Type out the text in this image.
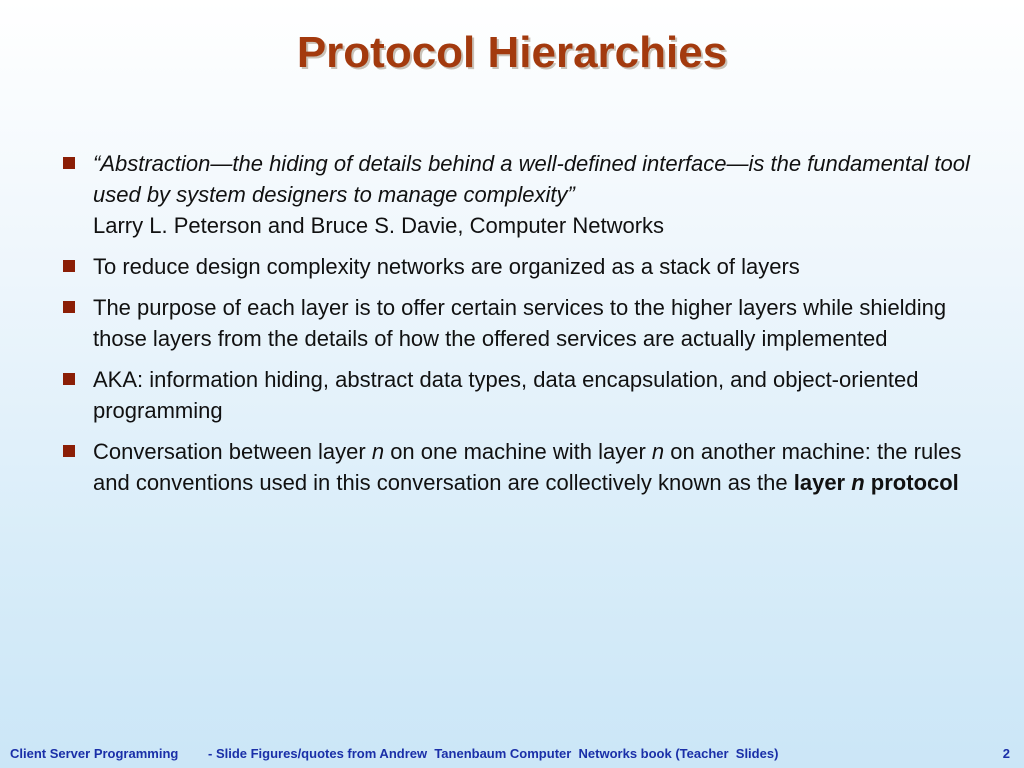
Protocol Hierarchies
“Abstraction—the hiding of details behind a well-defined interface—is the fundamental tool used by system designers to manage complexity”
Larry L. Peterson and Bruce S. Davie, Computer Networks
To reduce design complexity networks are organized as a stack of layers
The purpose of each layer is to offer certain services to the higher layers while shielding those layers from the details of how the offered services are actually implemented
AKA: information hiding, abstract data types, data encapsulation, and object-oriented programming
Conversation between layer n on one machine with layer n on another machine: the rules and conventions used in this conversation are collectively known as the layer n protocol
Client Server Programming - Slide Figures/quotes from Andrew  Tanenbaum Computer  Networks book (Teacher  Slides)	2
